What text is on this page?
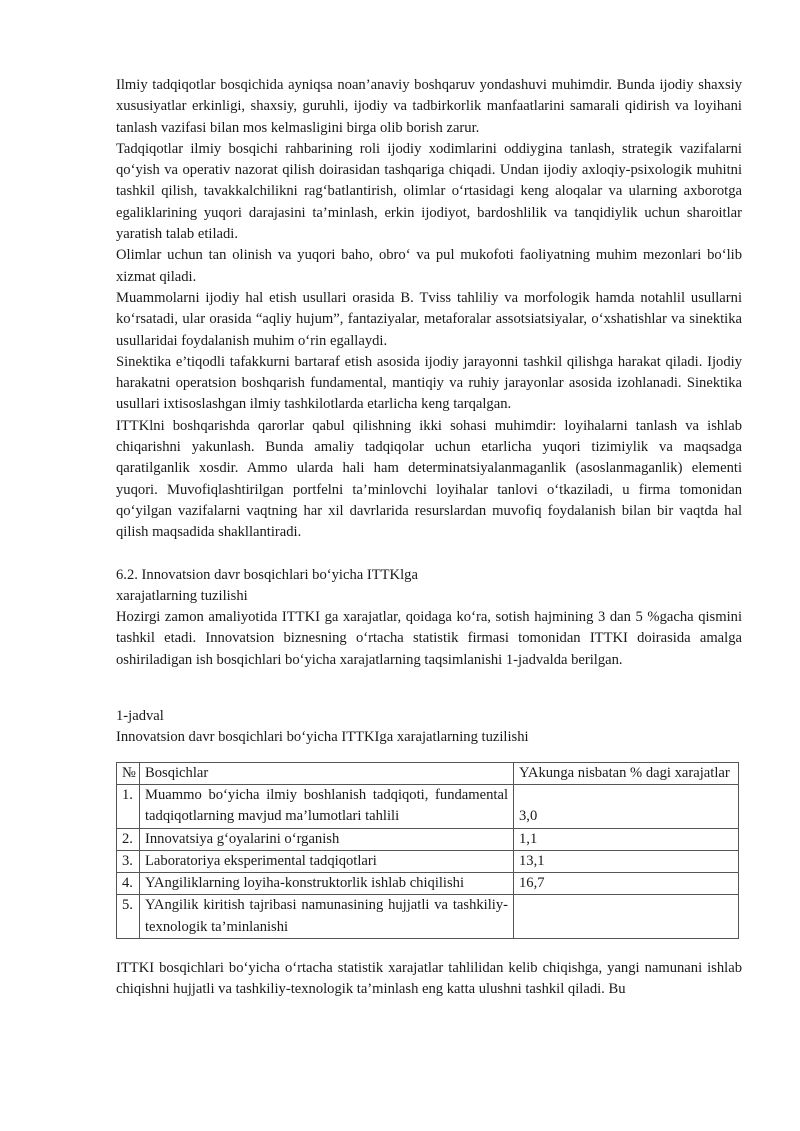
Ilmiy tadqiqotlar bosqichida ayniqsa noan’anaviy boshqaruv yondashuvi muhimdir. Bunda ijodiy shaxsiy xususiyatlar erkinligi, shaxsiy, guruhli, ijodiy va tadbirkorlik manfaatlarini samarali qidirish va loyihani tanlash vazifasi bilan mos kelmasligini birga olib borish zarur.

Tadqiqotlar ilmiy bosqichi rahbarining roli ijodiy xodimlarini oddiygina tanlash, strategik vazifalarni qo‘yish va operativ nazorat qilish doirasidan tashqariga chiqadi. Undan ijodiy axloqiy-psixologik muhitni tashkil qilish, tavakkalchilikni rag‘batlantirish, olimlar o‘rtasidagi keng aloqalar va ularning axborotga egaliklarining yuqori darajasini ta’minlash, erkin ijodiyot, bardoshlilik va tanqidiylik uchun sharoitlar yaratish talab etiladi.

Olimlar uchun tan olinish va yuqori baho, obro‘ va pul mukofoti faoliyatning muhim mezonlari bo‘lib xizmat qiladi.

Muammolarni ijodiy hal etish usullari orasida B. Tviss tahliliy va morfologik hamda notahlil usullarni ko‘rsatadi, ular orasida “aqliy hujum”, fantaziyalar, metaforalar assotsiatsiyalar, o‘xshatishlar va sinektika usullaridai foydalanish muhim o‘rin egallaydi.

Sinektika e’tiqodli tafakkurni bartaraf etish asosida ijodiy jarayonni tashkil qilishga harakat qiladi. Ijodiy harakatni operatsion boshqarish fundamental, mantiqiy va ruhiy jarayonlar asosida izohlanadi. Sinektika usullari ixtisoslashgan ilmiy tashkilotlarda etarlicha keng tarqalgan.

ITTKlni boshqarishda qarorlar qabul qilishning ikki sohasi muhimdir: loyihalarni tanlash va ishlab chiqarishni yakunlash. Bunda amaliy tadqiqolar uchun etarlicha yuqori tizimiylik va maqsadga qaratilganlik xosdir. Ammo ularda hali ham determinatsiyalanmaganlik (asoslanmaganlik) elementi yuqori. Muvofiqlashtirilgan portfelni ta’minlovchi loyihalar tanlovi o‘tkaziladi, u firma tomonidan qo‘yilgan vazifalarni vaqtning har xil davrlarida resurslardan muvofiq foydalanish bilan bir vaqtda hal qilish maqsadida shakllantiradi.

6.2. Innovatsion davr bosqichlari bo‘yicha ITTKlga

xarajatlarning tuzilishi

Hozirgi zamon amaliyotida ITTKI ga xarajatlar, qoidaga ko‘ra, sotish hajmining 3 dan 5 %gacha qismini tashkil etadi. Innovatsion biznesning o‘rtacha statistik firmasi tomonidan ITTKI doirasida amalga oshiriladigan ish bosqichlari bo‘yicha xarajatlarning taqsimlanishi 1-jadvalda berilgan.

1-jadval

Innovatsion davr bosqichlari bo‘yicha ITTKIga xarajatlarning tuzilishi

№	Bosqichlar	YAkunga nisbatan % dagi xarajatlar
1.	Muammo bo‘yicha ilmiy boshlanish tadqiqoti, fundamental tadqiqotlarning mavjud ma’lumotlari tahlili	3,0
2.	Innovatsiya g‘oyalarini o‘rganish	1,1
3.	Laboratoriya eksperimental tadqiqotlari	13,1
4.	YAngiliklarning loyiha-konstruktorlik ishlab chiqilishi	16,7
5.	YAngilik kiritish tajribasi namunasining hujjatli va tashkiliy-texnologik ta’minlanishi	

ITTKI bosqichlari bo‘yicha o‘rtacha statistik xarajatlar tahlilidan kelib chiqishga, yangi namunani ishlab chiqishni hujjatli va tashkiliy-texnologik ta’minlash eng katta ulushni tashkil qiladi. Bu
